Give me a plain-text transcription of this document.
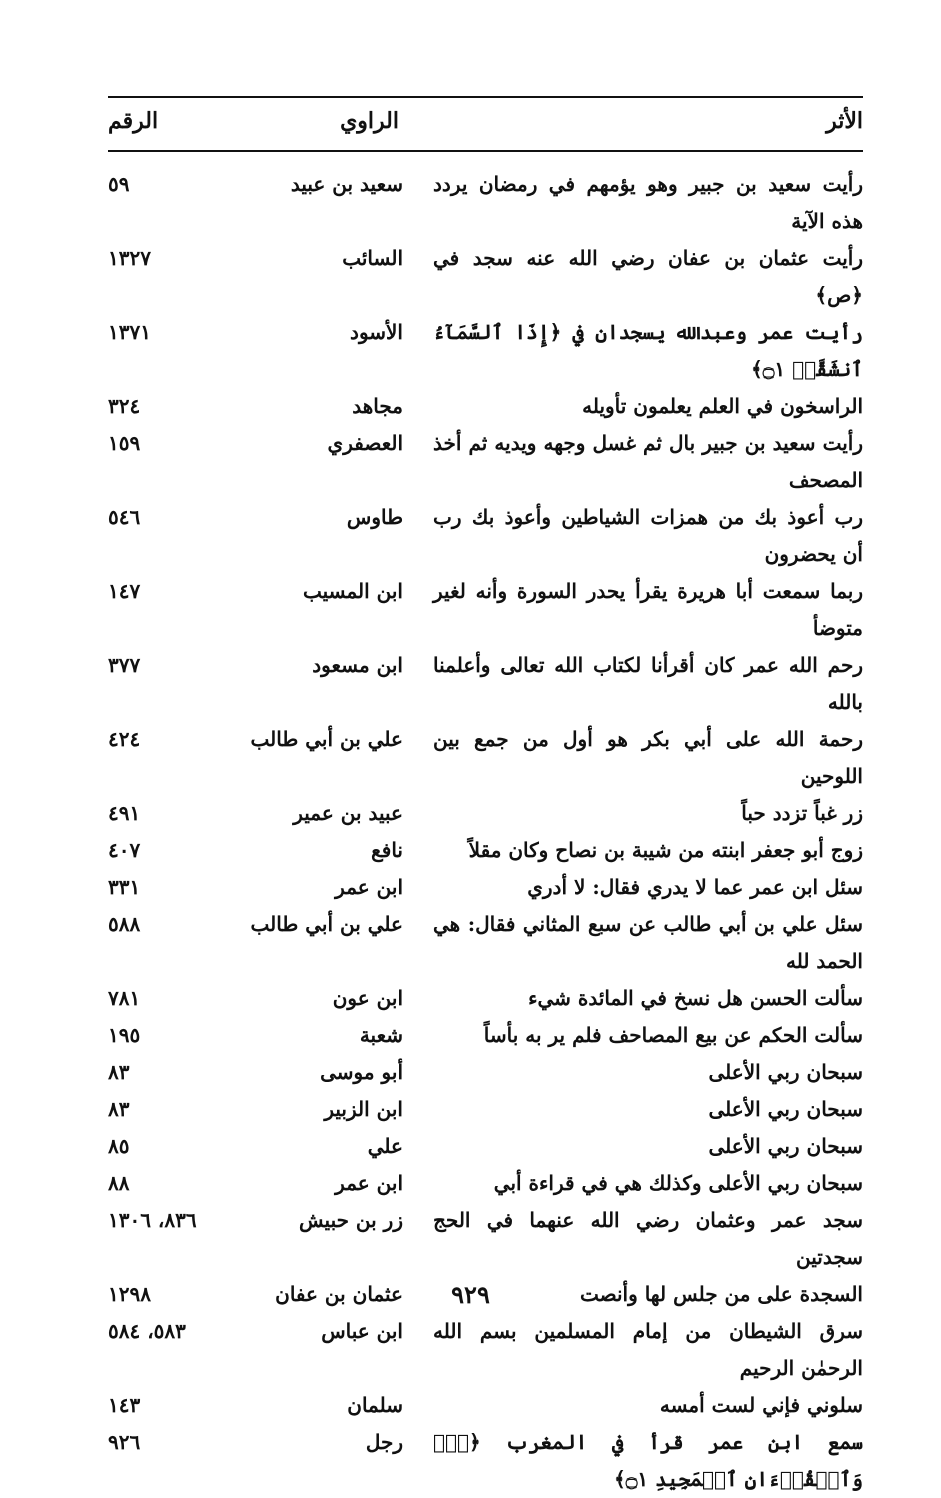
الأثر
الراوي
الرقم
رأيت سعيد بن جبير وهو يؤمهم في رمضان يردد هذه الآية
سعيد بن عبيد
٥٩
رأيت عثمان بن عفان رضي الله عنه سجد في ﴿ص﴾
السائب
١٣٢٧
رأيت عمر وعبدالله يسجدان في ﴿إِذَا ٱلسَّمَآءُ ٱنشَقَّتۡ ۝١﴾
الأسود
١٣٧١
الراسخون في العلم يعلمون تأويله
مجاهد
٣٢٤
رأيت سعيد بن جبير بال ثم غسل وجهه ويديه ثم أخذ المصحف
العصفري
١٥٩
رب أعوذ بك من همزات الشياطين وأعوذ بك رب أن يحضرون
طاوس
٥٤٦
ربما سمعت أبا هريرة يقرأ يحدر السورة وأنه لغير متوضأ
ابن المسيب
١٤٧
رحم الله عمر كان أقرأنا لكتاب الله تعالى وأعلمنا بالله
ابن مسعود
٣٧٧
رحمة الله على أبي بكر هو أول من جمع بين اللوحين
علي بن أبي طالب
٤٢٤
زر غباً تزدد حباً
عبيد بن عمير
٤٩١
زوج أبو جعفر ابنته من شيبة بن نصاح وكان مقلاً
نافع
٤٠٧
سئل ابن عمر عما لا يدري فقال: لا أدري
ابن عمر
٣٣١
سئل علي بن أبي طالب عن سبع المثاني فقال: هي الحمد لله
علي بن أبي طالب
٥٨٨
سألت الحسن هل نسخ في المائدة شيء
ابن عون
٧٨١
سألت الحكم عن بيع المصاحف فلم ير به بأساً
شعبة
١٩٥
سبحان ربي الأعلى
أبو موسى
٨٣
سبحان ربي الأعلى
ابن الزبير
٨٣
سبحان ربي الأعلى
علي
٨٥
سبحان ربي الأعلى وكذلك هي في قراءة أبي
ابن عمر
٨٨
سجد عمر وعثمان رضي الله عنهما في الحج سجدتين
زر بن حبيش
٨٣٦، ١٣٠٦
السجدة على من جلس لها وأنصت
عثمان بن عفان
١٢٩٨
سرق الشيطان من إمام المسلمين بسم الله الرحمٰن الرحيم
ابن عباس
٥٨٣، ٥٨٤
سلوني فإني لست أمسه
سلمان
١٤٣
سمع ابن عمر قرأ في المغرب ﴿قٓۚ وَٱلۡقُرۡءَانِ ٱلۡمَجِيدِ ۝١﴾
رجل
٩٢٦
٩٢٩
